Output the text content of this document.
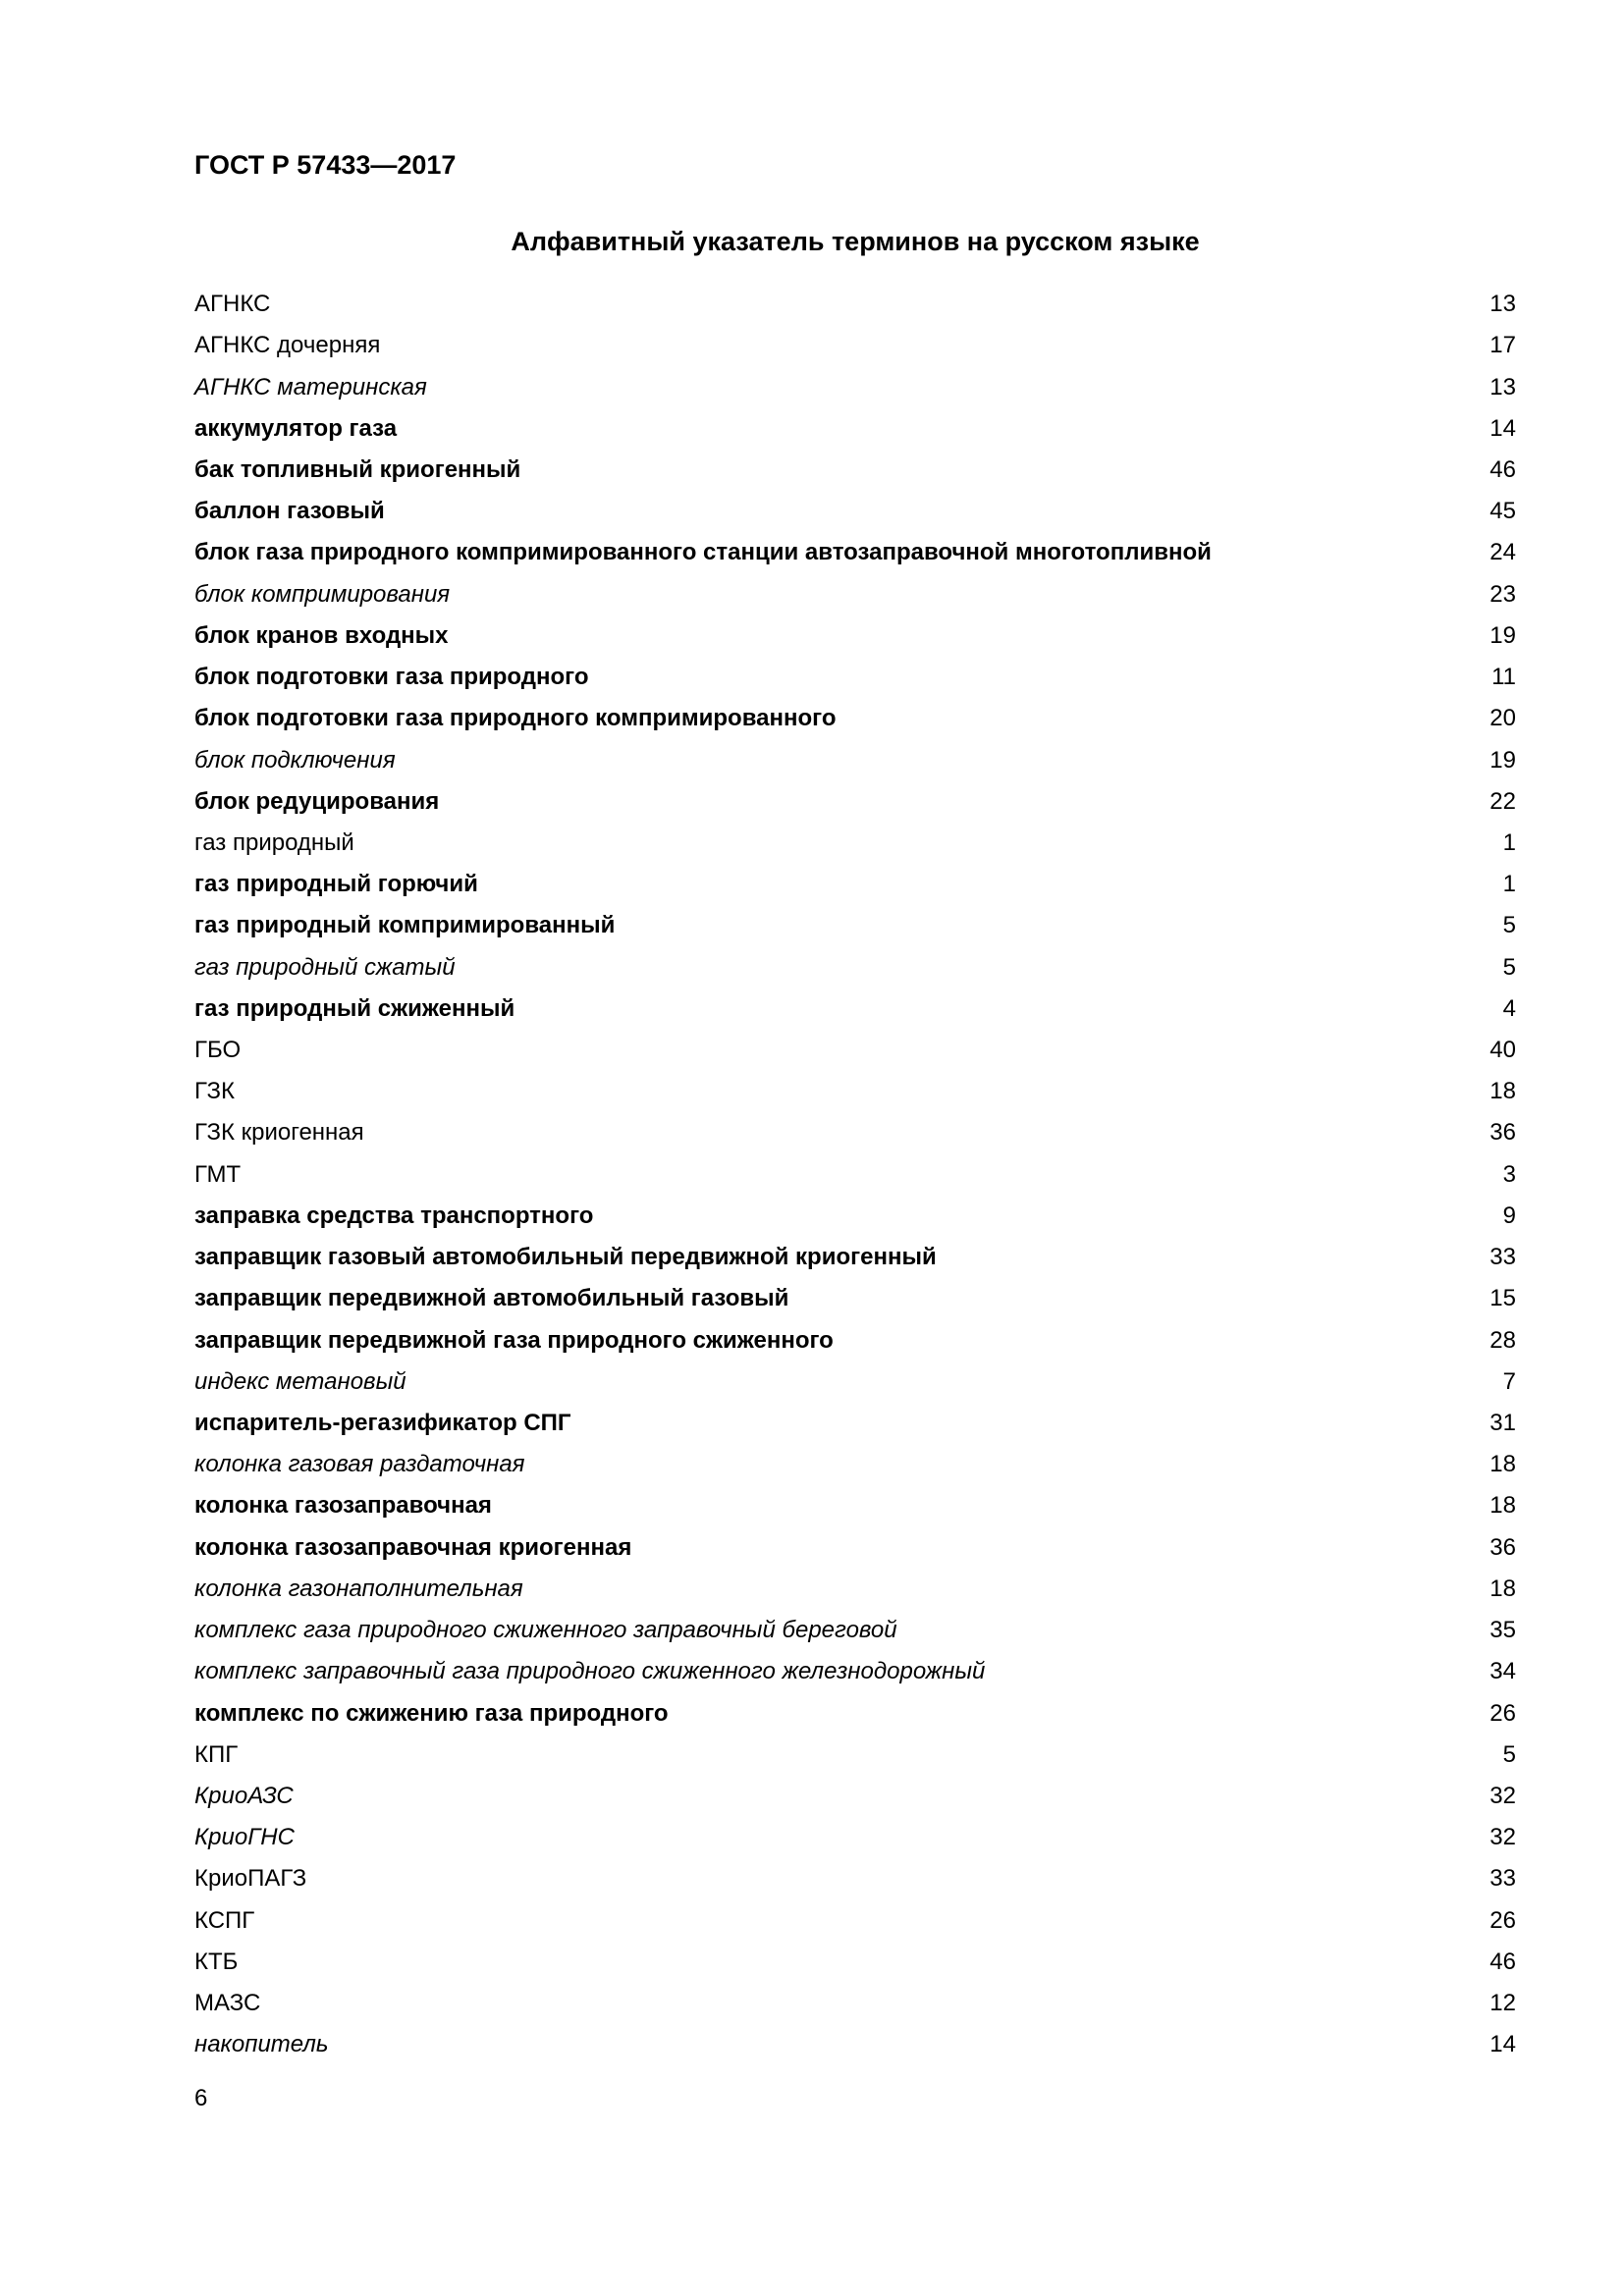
ГОСТ Р 57433—2017
Алфавитный указатель терминов на русском языке
АГНКС	13
АГНКС дочерняя	17
АГНКС материнская	13
аккумулятор газа	14
бак топливный криогенный	46
баллон газовый	45
блок газа природного компримированного станции автозаправочной многотопливной	24
блок компримирования	23
блок кранов входных	19
блок подготовки газа природного	11
блок подготовки газа природного компримированного	20
блок подключения	19
блок редуцирования	22
газ природный	1
газ природный горючий	1
газ природный компримированный	5
газ природный сжатый	5
газ природный сжиженный	4
ГБО	40
ГЗК	18
ГЗК криогенная	36
ГМТ	3
заправка средства транспортного	9
заправщик газовый автомобильный передвижной криогенный	33
заправщик передвижной автомобильный газовый	15
заправщик передвижной газа природного сжиженного	28
индекс метановый	7
испаритель-регазификатор СПГ	31
колонка газовая раздаточная	18
колонка газозаправочная	18
колонка газозаправочная криогенная	36
колонка газонаполнительная	18
комплекс газа природного сжиженного заправочный береговой	35
комплекс заправочный газа природного сжиженного железнодорожный	34
комплекс по сжижению газа природного	26
КПГ	5
КриоАЗС	32
КриоГНС	32
КриоПАГЗ	33
КСПГ	26
КТБ	46
МАЗС	12
накопитель	14
6
